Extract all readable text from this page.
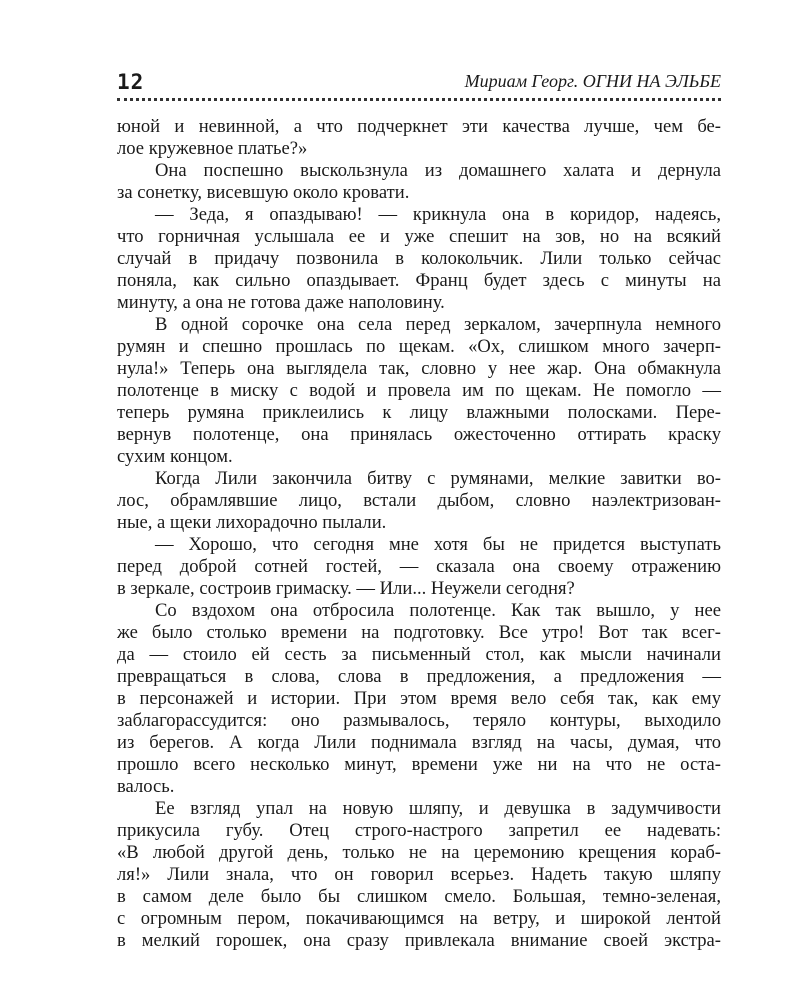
12	Мириам Георг. ОГНИ НА ЭЛЬБЕ
юной и невинной, а что подчеркнет эти качества лучше, чем бе-
лое кружевное платье?»
Она поспешно выскользнула из домашнего халата и дернула
за сонетку, висевшую около кровати.
— Зеда, я опаздываю! — крикнула она в коридор, надеясь,
что горничная услышала ее и уже спешит на зов, но на всякий
случай в придачу позвонила в колокольчик. Лили только сейчас
поняла, как сильно опаздывает. Франц будет здесь с минуты на
минуту, а она не готова даже наполовину.
В одной сорочке она села перед зеркалом, зачерпнула немного
румян и спешно прошлась по щекам. «Ох, слишком много зачерп-
нула!» Теперь она выглядела так, словно у нее жар. Она обмакнула
полотенце в миску с водой и провела им по щекам. Не помогло —
теперь румяна приклеились к лицу влажными полосками. Пере-
вернув полотенце, она принялась ожесточенно оттирать краску
сухим концом.
Когда Лили закончила битву с румянами, мелкие завитки во-
лос, обрамлявшие лицо, встали дыбом, словно наэлектризован-
ные, а щеки лихорадочно пылали.
— Хорошо, что сегодня мне хотя бы не придется выступать
перед доброй сотней гостей, — сказала она своему отражению
в зеркале, состроив гримаску. — Или... Неужели сегодня?
Со вздохом она отбросила полотенце. Как так вышло, у нее
же было столько времени на подготовку. Все утро! Вот так всег-
да — стоило ей сесть за письменный стол, как мысли начинали
превращаться в слова, слова в предложения, а предложения —
в персонажей и истории. При этом время вело себя так, как ему
заблагорассудится: оно размывалось, теряло контуры, выходило
из берегов. А когда Лили поднимала взгляд на часы, думая, что
прошло всего несколько минут, времени уже ни на что не оста-
валось.
Ее взгляд упал на новую шляпу, и девушка в задумчивости
прикусила губу. Отец строго-настрого запретил ее надевать:
«В любой другой день, только не на церемонию крещения кораб-
ля!» Лили знала, что он говорил всерьез. Надеть такую шляпу
в самом деле было бы слишком смело. Большая, темно-зеленая,
с огромным пером, покачивающимся на ветру, и широкой лентой
в мелкий горошек, она сразу привлекала внимание своей экстра-
